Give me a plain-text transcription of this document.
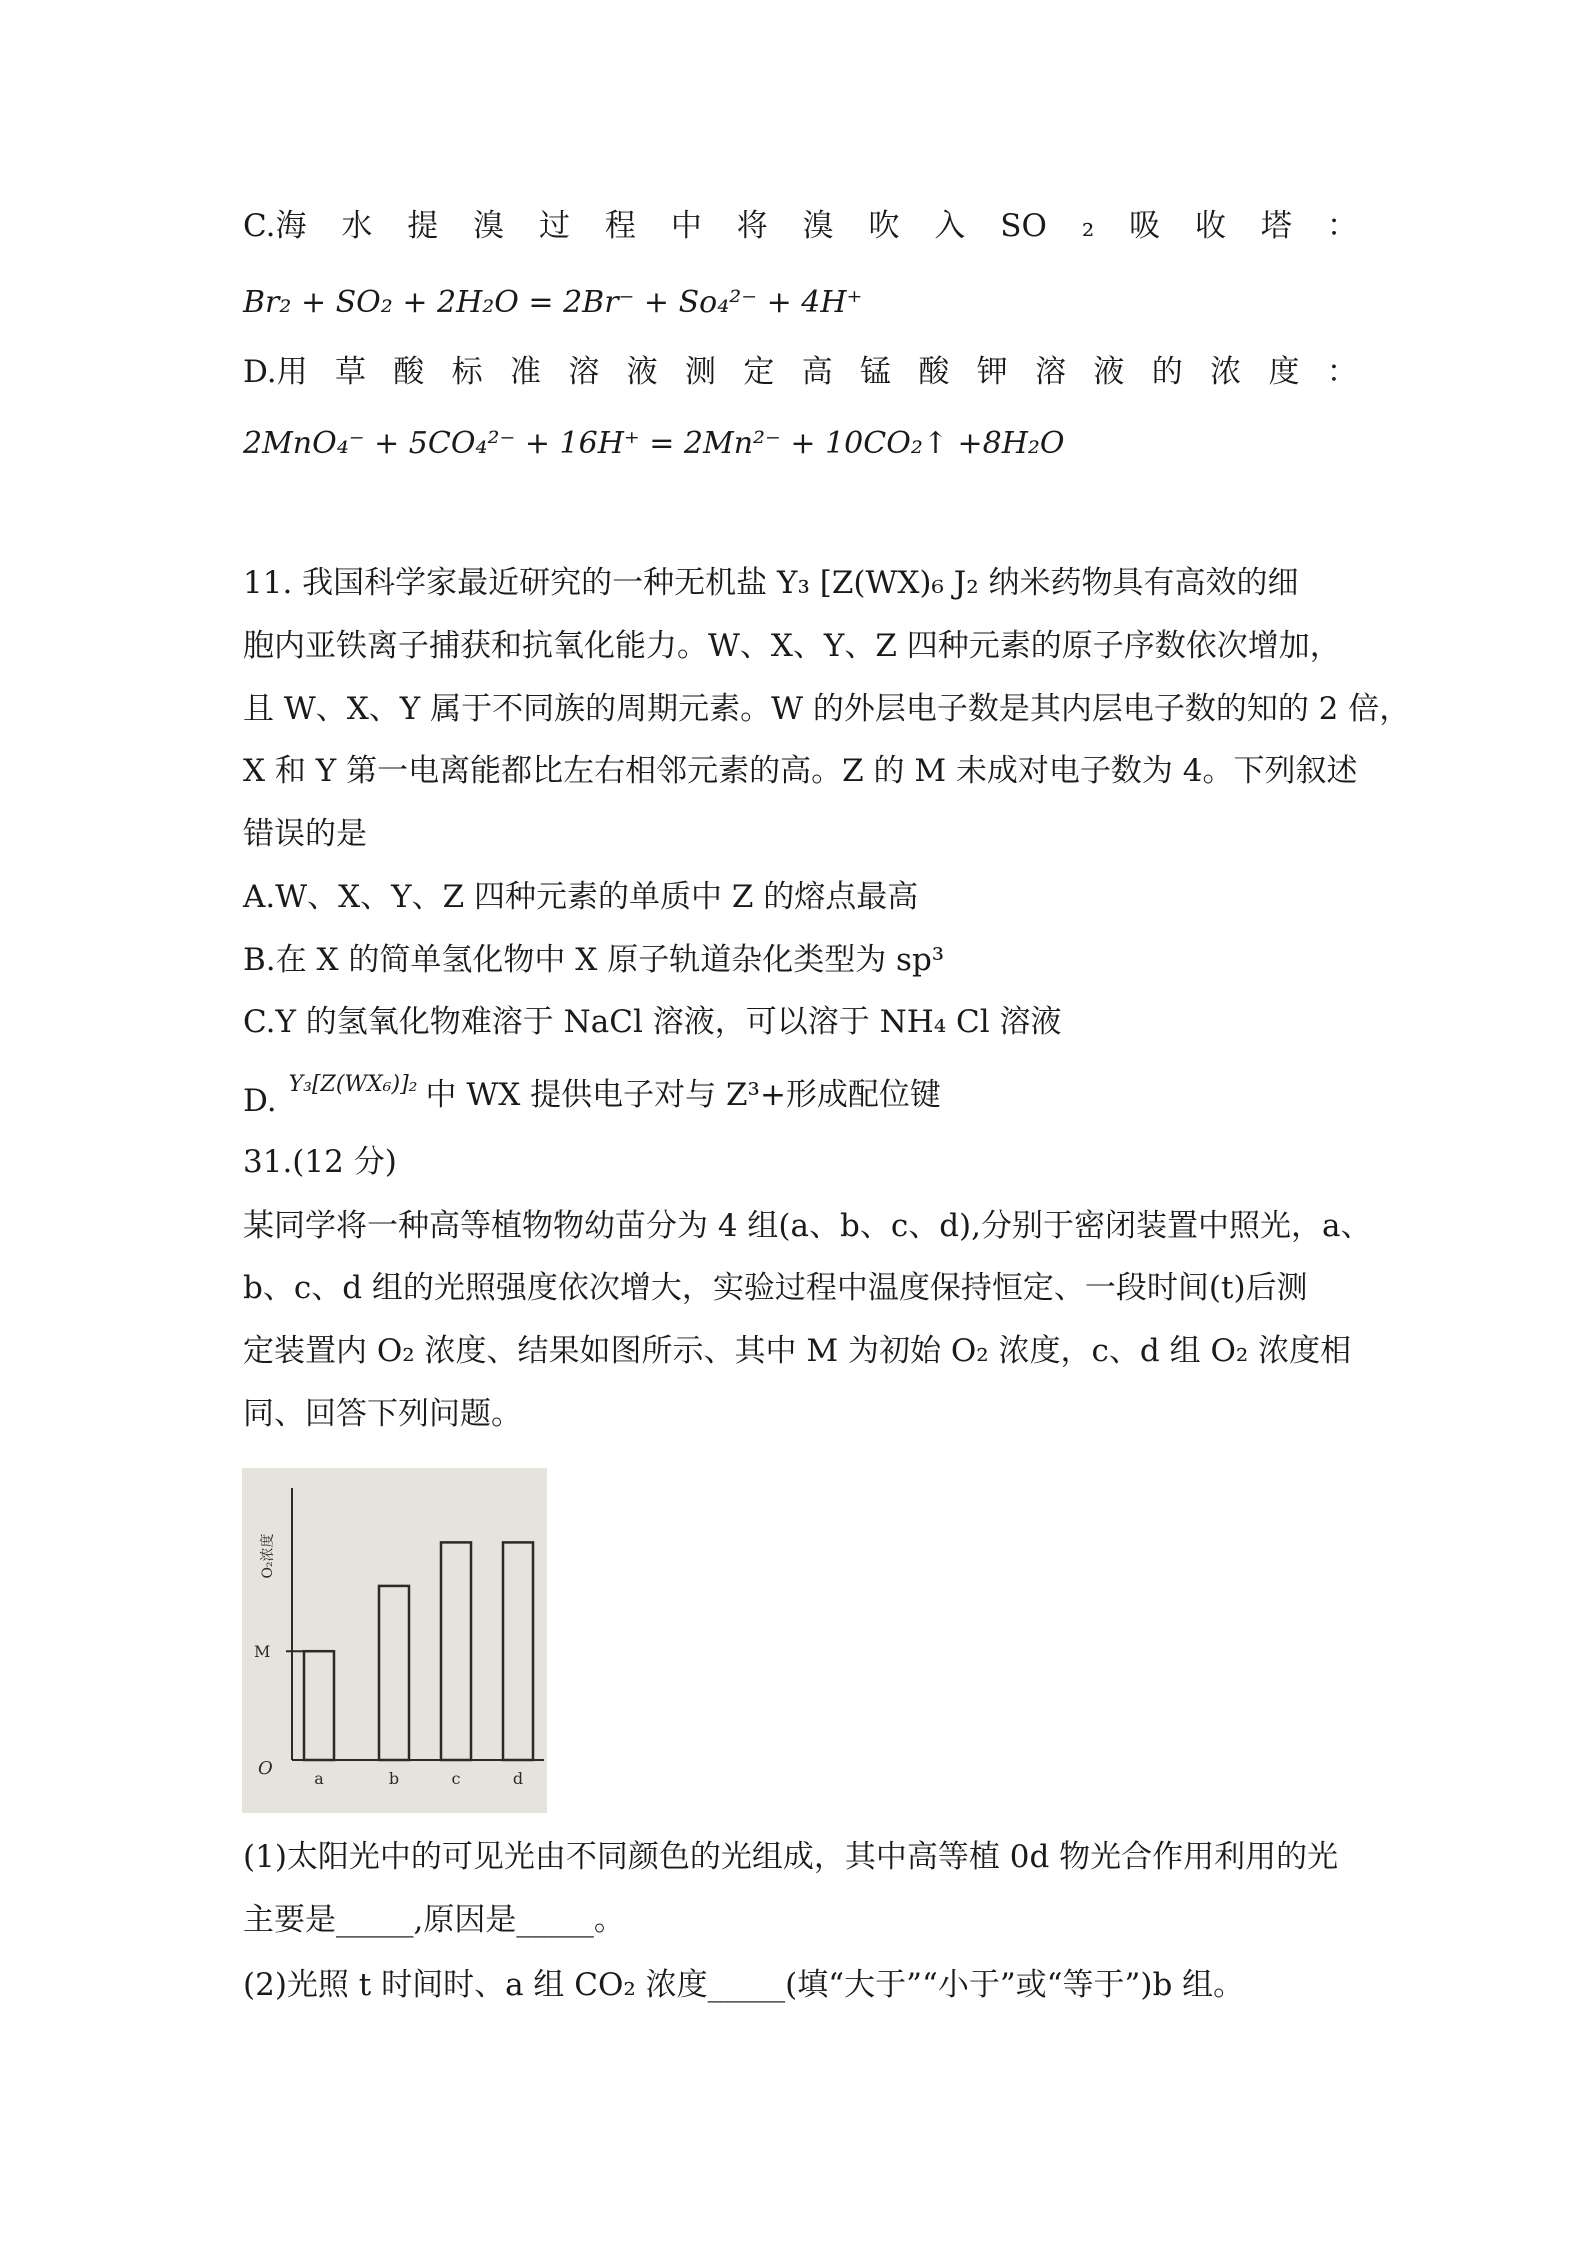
C.海 水 提 溴 过 程 中 将 溴 吹 入 SO ₂ 吸 收 塔 ：
Br₂ + SO₂ + 2H₂O = 2Br⁻ + So₄²⁻ + 4H⁺
D.用 草 酸 标 准 溶 液 测 定 高 锰 酸 钾 溶 液 的 浓 度 ：
2MnO₄⁻ + 5CO₄²⁻ + 16H⁺ = 2Mn²⁻ + 10CO₂↑ +8H₂O
11. 我国科学家最近研究的一种无机盐 Y₃ [Z(WX)₆ J₂ 纳米药物具有高效的细
胞内亚铁离子捕获和抗氧化能力。W、X、Y、Z 四种元素的原子序数依次增加，
且 W、X、Y 属于不同族的周期元素。W 的外层电子数是其内层电子数的知的 2 倍，
X 和 Y 第一电离能都比左右相邻元素的高。Z 的 M 未成对电子数为 4。下列叙述
错误的是
A.W、X、Y、Z 四种元素的单质中 Z 的熔点最高
B.在 X 的简单氢化物中 X 原子轨道杂化类型为 sp³
C.Y 的氢氧化物难溶于 NaCl 溶液，可以溶于 NH₄ Cl 溶液
D. $^{Y_3[Z(WX_6)]_2}$ 中 WX 提供电子对与 Z³+形成配位键
31.(12 分)
某同学将一种高等植物物幼苗分为 4 组(a、b、c、d),分别于密闭装置中照光，a、
b、c、d 组的光照强度依次增大，实验过程中温度保持恒定、一段时间(t)后测
定装置内 O₂ 浓度、结果如图所示、其中 M 为初始 O₂ 浓度，c、d 组 O₂ 浓度相
同、回答下列问题。
O₂浓度
O
M
a	b	c	d
(1)太阳光中的可见光由不同颜色的光组成，其中高等植 0d 物光合作用利用的光
主要是_____,原因是_____。
(2)光照 t 时间时、a 组 CO₂ 浓度_____(填“大于”“小于”或“等于”)b 组。
